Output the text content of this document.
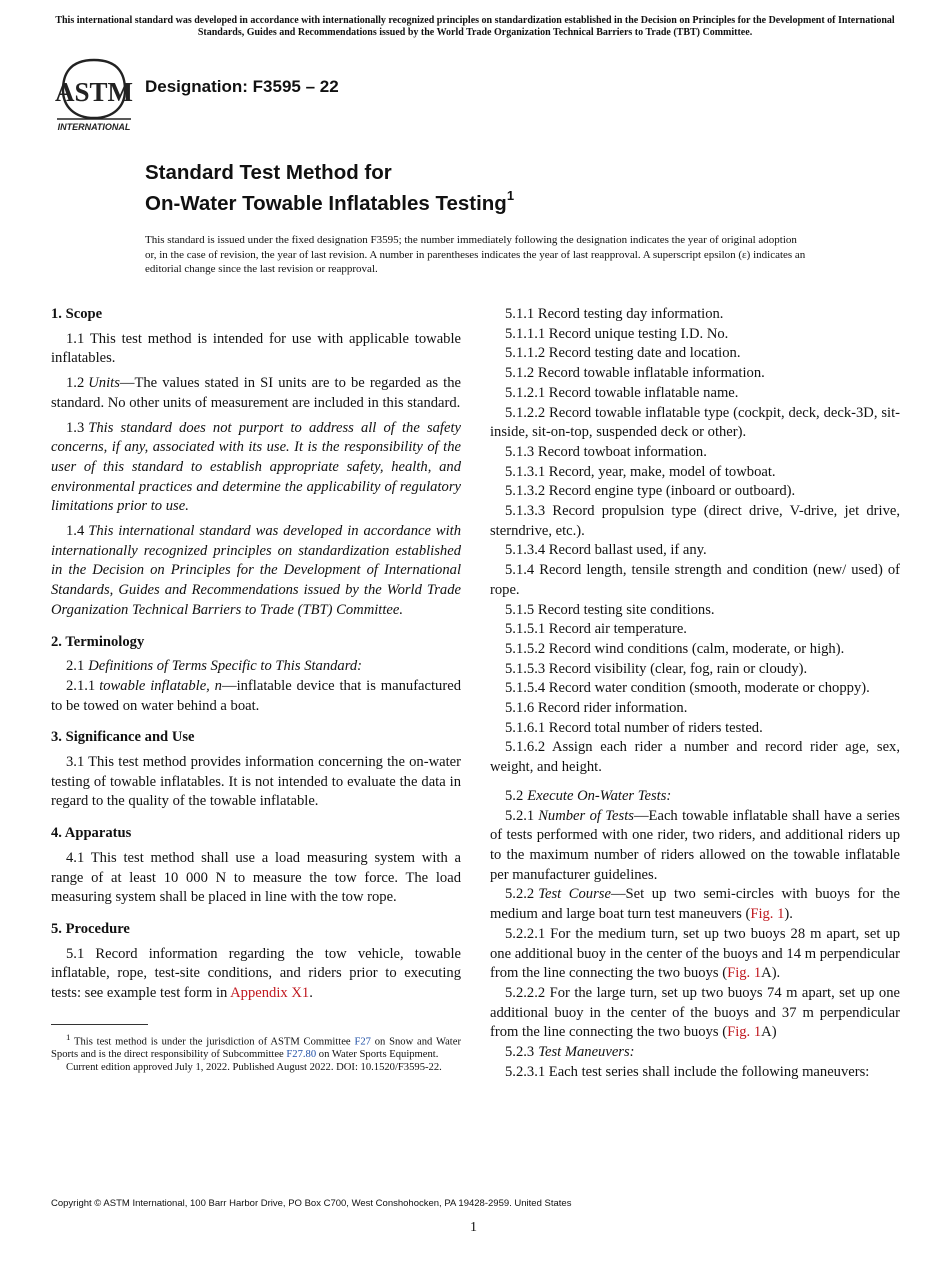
This international standard was developed in accordance with internationally recognized principles on standardization established in the Decision on Principles for the Development of International Standards, Guides and Recommendations issued by the World Trade Organization Technical Barriers to Trade (TBT) Committee.
ASTM
INTERNATIONAL
Designation: F3595 – 22
Standard Test Method for
On-Water Towable Inflatables Testing$^1$
This standard is issued under the fixed designation F3595; the number immediately following the designation indicates the year of original adoption or, in the case of revision, the year of last revision. A number in parentheses indicates the year of last reapproval. A superscript epsilon (ε) indicates an editorial change since the last revision or reapproval.
1. Scope

1.1 This test method is intended for use with applicable towable inflatables.

1.2 Units—The values stated in SI units are to be regarded as the standard. No other units of measurement are included in this standard.

1.3 This standard does not purport to address all of the safety concerns, if any, associated with its use. It is the responsibility of the user of this standard to establish appropriate safety, health, and environmental practices and determine the applicability of regulatory limitations prior to use.

1.4 This international standard was developed in accordance with internationally recognized principles on standardization established in the Decision on Principles for the Development of International Standards, Guides and Recommendations issued by the World Trade Organization Technical Barriers to Trade (TBT) Committee.

2. Terminology

2.1 Definitions of Terms Specific to This Standard:

2.1.1 towable inflatable, n—inflatable device that is manufactured to be towed on water behind a boat.

3. Significance and Use

3.1 This test method provides information concerning the on-water testing of towable inflatables. It is not intended to evaluate the data in regard to the quality of the towable inflatable.

4. Apparatus

4.1 This test method shall use a load measuring system with a range of at least 10 000 N to measure the tow force. The load measuring system shall be placed in line with the tow rope.

5. Procedure

5.1 Record information regarding the tow vehicle, towable inflatable, rope, test-site conditions, and riders prior to executing tests: see example test form in Appendix X1.

$^1$ This test method is under the jurisdiction of ASTM Committee F27 on Snow and Water Sports and is the direct responsibility of Subcommittee F27.80 on Water Sports Equipment.

Current edition approved July 1, 2022. Published August 2022. DOI: 10.1520/F3595-22.

5.1.1 Record testing day information.

5.1.1.1 Record unique testing I.D. No.

5.1.1.2 Record testing date and location.

5.1.2 Record towable inflatable information.

5.1.2.1 Record towable inflatable name.

5.1.2.2 Record towable inflatable type (cockpit, deck, deck-3D, sit-inside, sit-on-top, suspended deck or other).

5.1.3 Record towboat information.

5.1.3.1 Record, year, make, model of towboat.

5.1.3.2 Record engine type (inboard or outboard).

5.1.3.3 Record propulsion type (direct drive, V-drive, jet drive, sterndrive, etc.).

5.1.3.4 Record ballast used, if any.

5.1.4 Record length, tensile strength and condition (new/ used) of rope.

5.1.5 Record testing site conditions.

5.1.5.1 Record air temperature.

5.1.5.2 Record wind conditions (calm, moderate, or high).

5.1.5.3 Record visibility (clear, fog, rain or cloudy).

5.1.5.4 Record water condition (smooth, moderate or choppy).

5.1.6 Record rider information.

5.1.6.1 Record total number of riders tested.

5.1.6.2 Assign each rider a number and record rider age, sex, weight, and height.

5.2 Execute On-Water Tests:

5.2.1 Number of Tests—Each towable inflatable shall have a series of tests performed with one rider, two riders, and additional riders up to the maximum number of riders allowed on the towable inflatable per manufacturer guidelines.

5.2.2 Test Course—Set up two semi-circles with buoys for the medium and large boat turn test maneuvers (Fig. 1).

5.2.2.1 For the medium turn, set up two buoys 28 m apart, set up one additional buoy in the center of the buoys and 14 m perpendicular from the line connecting the two buoys (Fig. 1A).

5.2.2.2 For the large turn, set up two buoys 74 m apart, set up one additional buoy in the center of the buoys and 37 m perpendicular from the line connecting the two buoys (Fig. 1A)

5.2.3 Test Maneuvers:

5.2.3.1 Each test series shall include the following maneuvers:

Copyright © ASTM International, 100 Barr Harbor Drive, PO Box C700, West Conshohocken, PA 19428-2959. United States
1
